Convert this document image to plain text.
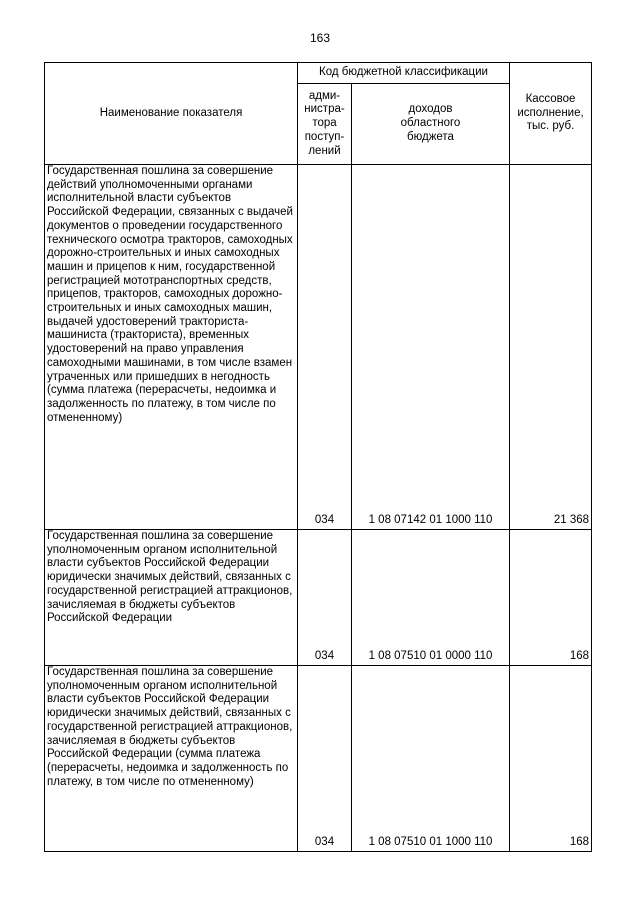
163
Наименование показателя	Код бюджетной классификации		Кассовое
исполнение,
тыс. руб.

	адми-
нистра-
тора
поступ-
лений	доходов
областного
бюджета	

Государственная пошлина за совершение действий уполномоченными органами исполнительной власти субъектов Российской Федерации, связанных с выдачей документов о проведении государственного технического осмотра тракторов, самоходных дорожно-строительных и иных самоходных машин и прицепов к ним, государственной регистрацией мототранспортных средств, прицепов, тракторов, самоходных дорожно-строительных и иных самоходных машин, выдачей удостоверений тракториста-машиниста (тракториста), временных удостоверений на право управления самоходными машинами, в том числе взамен утраченных или пришедших в негодность (сумма платежа (перерасчеты, недоимка и задолженность по платежу, в том числе по отмененному)	034	1 08 07142 01 1000 110	21 368
Государственная пошлина за совершение уполномоченным органом исполнительной власти субъектов Российской Федерации юридически значимых действий, связанных с государственной регистрацией аттракционов, зачисляемая в бюджеты субъектов Российской Федерации	034	1 08 07510 01 0000 110	168
Государственная пошлина за совершение уполномоченным органом исполнительной власти субъектов Российской Федерации юридически значимых действий, связанных с государственной регистрацией аттракционов, зачисляемая в бюджеты субъектов Российской Федерации (сумма платежа (перерасчеты, недоимка и задолженность по платежу, в том числе по отмененному)	034	1 08 07510 01 1000 110	168
